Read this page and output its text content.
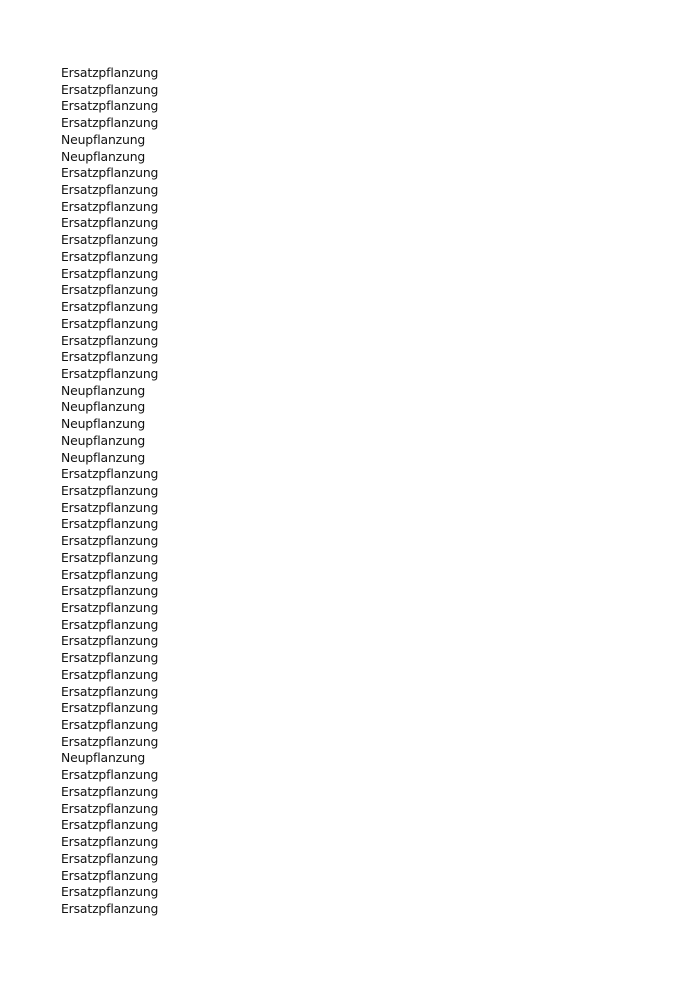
Ersatzpflanzung
Ersatzpflanzung
Ersatzpflanzung
Ersatzpflanzung
Neupflanzung
Neupflanzung
Ersatzpflanzung
Ersatzpflanzung
Ersatzpflanzung
Ersatzpflanzung
Ersatzpflanzung
Ersatzpflanzung
Ersatzpflanzung
Ersatzpflanzung
Ersatzpflanzung
Ersatzpflanzung
Ersatzpflanzung
Ersatzpflanzung
Ersatzpflanzung
Neupflanzung
Neupflanzung
Neupflanzung
Neupflanzung
Neupflanzung
Ersatzpflanzung
Ersatzpflanzung
Ersatzpflanzung
Ersatzpflanzung
Ersatzpflanzung
Ersatzpflanzung
Ersatzpflanzung
Ersatzpflanzung
Ersatzpflanzung
Ersatzpflanzung
Ersatzpflanzung
Ersatzpflanzung
Ersatzpflanzung
Ersatzpflanzung
Ersatzpflanzung
Ersatzpflanzung
Ersatzpflanzung
Neupflanzung
Ersatzpflanzung
Ersatzpflanzung
Ersatzpflanzung
Ersatzpflanzung
Ersatzpflanzung
Ersatzpflanzung
Ersatzpflanzung
Ersatzpflanzung
Ersatzpflanzung
